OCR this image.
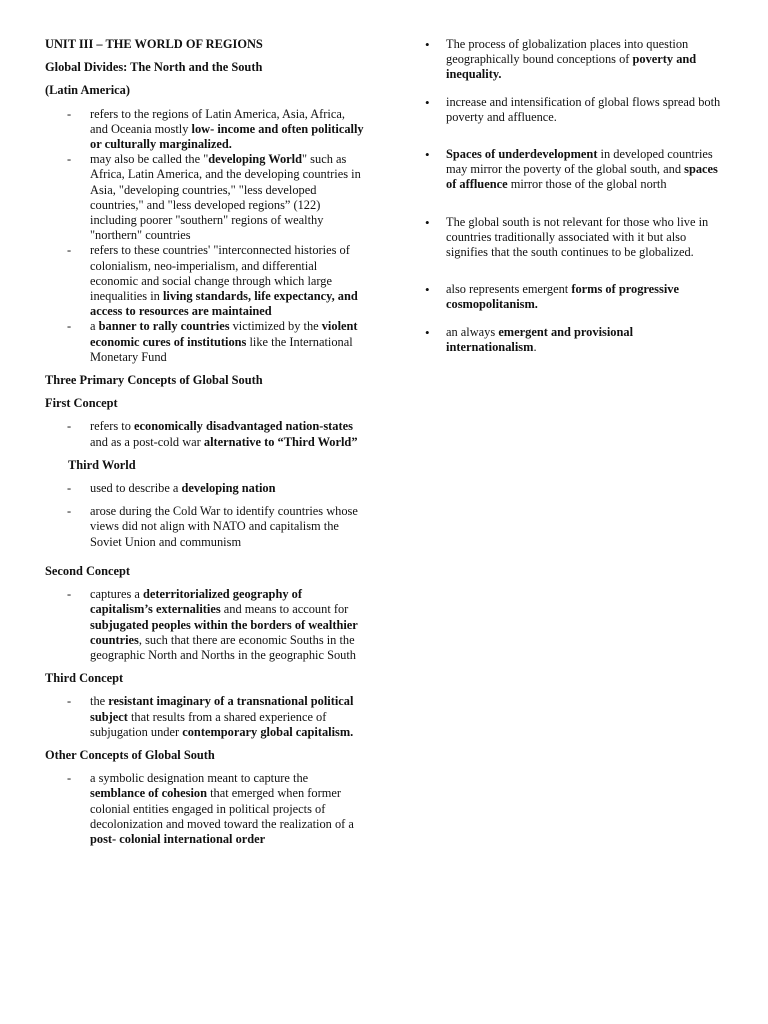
UNIT III – THE WORLD OF REGIONS

Global Divides: The North and the South

(Latin America)

- refers to the regions of Latin America, Asia, Africa, and Oceania mostly low- income and often politically or culturally marginalized.
- may also be called the "developing World" such as Africa, Latin America, and the developing countries in Asia, "developing countries," "less developed countries," and "less developed regions” (122) including poorer "southern" regions of wealthy "northern" countries
- refers to these countries' "interconnected histories of colonialism, neo-imperialism, and differential economic and social change through which large inequalities in living standards, life expectancy, and access to resources are maintained
- a banner to rally countries victimized by the violent economic cures of institutions like the International Monetary Fund

Three Primary Concepts of Global South

First Concept

- refers to economically disadvantaged nation-states and as a post-cold war alternative to “Third World”

Third World

- used to describe a developing nation
- arose during the Cold War to identify countries whose views did not align with NATO and capitalism the Soviet Union and communism

Second Concept

- captures a deterritorialized geography of capitalism’s externalities and means to account for subjugated peoples within the borders of wealthier countries, such that there are economic Souths in the geographic North and Norths in the geographic South

Third Concept

- the resistant imaginary of a transnational political subject that results from a shared experience of subjugation under contemporary global capitalism.

Other Concepts of Global South

- a symbolic designation meant to capture the semblance of cohesion that emerged when former colonial entities engaged in political projects of decolonization and moved toward the realization of a post- colonial international order
• The process of globalization places into question geographically bound conceptions of poverty and inequality.
• increase and intensification of global flows spread both poverty and affluence.
• Spaces of underdevelopment in developed countries may mirror the poverty of the global south, and spaces of affluence mirror those of the global north
• The global south is not relevant for those who live in countries traditionally associated with it but also signifies that the south continues to be globalized.
• also represents emergent forms of progressive cosmopolitanism.
• an always emergent and provisional internationalism.
